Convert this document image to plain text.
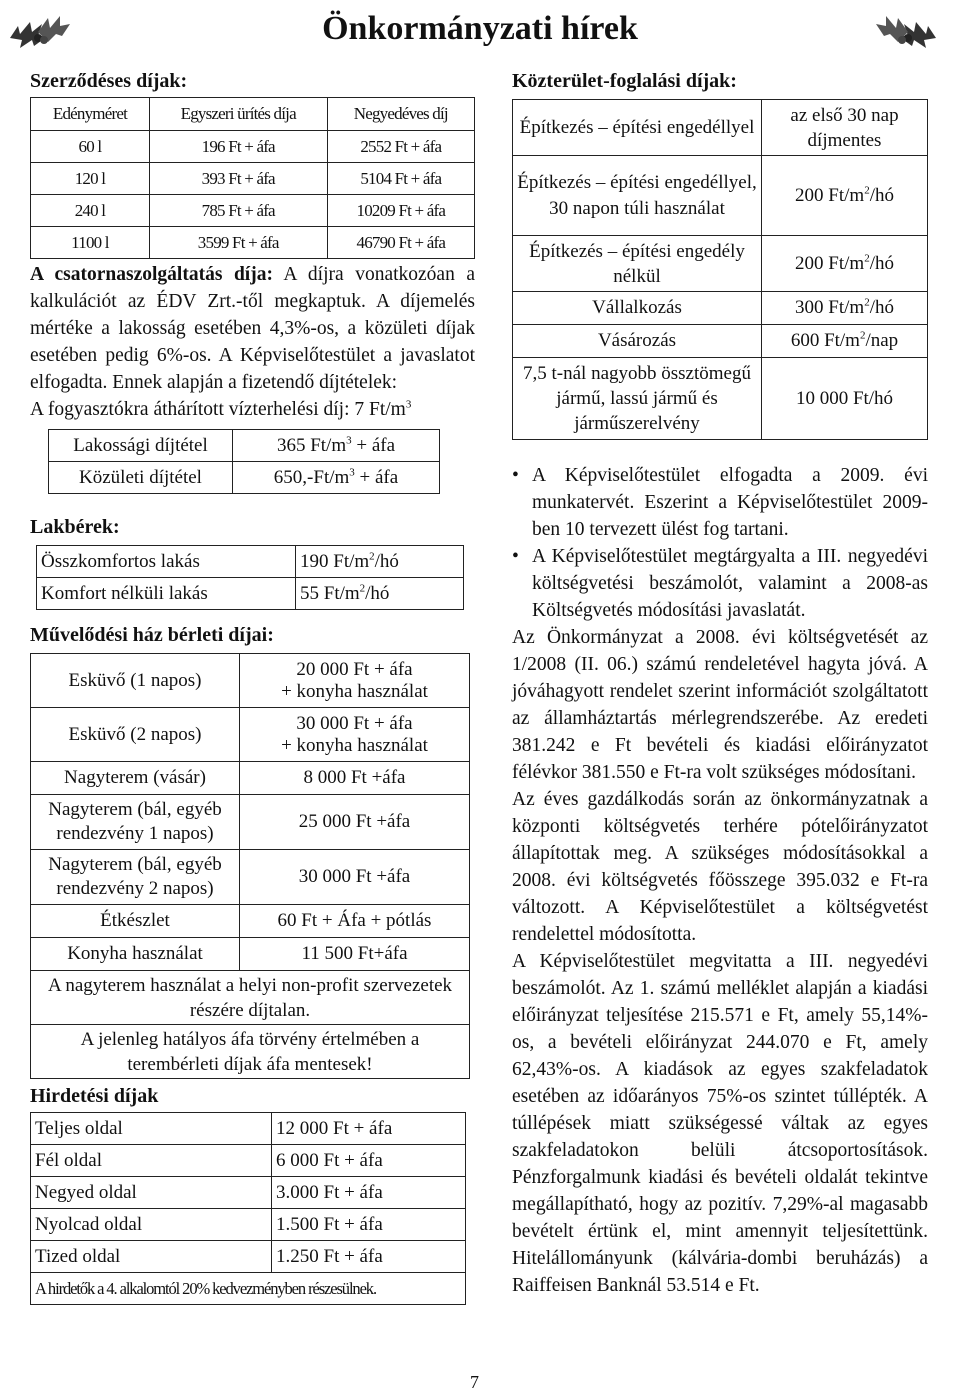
Önkormányzati hírek
Szerződéses díjak:
Edényméret	Egyszeri ürítés díja	Negyedéves díj
60 l	196 Ft + áfa	2552 Ft + áfa
120 l	393 Ft + áfa	5104 Ft + áfa
240 l	785 Ft + áfa	10209 Ft + áfa
1100 l	3599 Ft + áfa	46790 Ft + áfa

A csatornaszolgáltatás díja: A díjra vonatkozóan a kalkulációt az ÉDV Zrt.-től megkaptuk. A díjemelés mértéke a lakosság esetében 4,3%-os, a közületi díjak esetében pedig 6%-os. A Képviselőtestület a javaslatot elfogadta. Ennek alapján a fizetendő díjtételek:

A fogyasztókra áthárított vízterhelési díj: 7 $Ft/m^3$

Lakossági díjtétel	365 $Ft/m^3$ + áfa
Közületi díjtétel	$650,-Ft/m^3$ + áfa
Lakbérek:
Összkomfortos lakás	190 $Ft/m^2/hó$
Komfort nélküli lakás	55 $Ft/m^2/hó$
Művelődési ház bérleti díjai:
Esküvő (1 napos)	20 000 Ft + áfa
+ konyha használat

Esküvő (2 napos)	30 000 Ft + áfa
+ konyha használat

Nagyterem (vásár)	8 000 Ft +áfa
Nagyterem (bál, egyéb rendezvény 1 napos)	25 000 Ft +áfa
Nagyterem (bál, egyéb rendezvény 2 napos)	30 000 Ft +áfa
Étkészlet	60 Ft + Áfa + pótlás
Konyha használat	11 500 Ft+áfa
A nagyterem használat a helyi non-profit szervezetek részére díjtalan.	
A jelenleg hatályos áfa törvény értelmében a terembérleti díjak áfa mentesek!	
Hirdetési díjak
Teljes oldal	12 000 Ft + áfa
Fél oldal	6 000 Ft + áfa
Negyed oldal	3.000 Ft + áfa
Nyolcad oldal	1.500 Ft + áfa
Tized oldal	1.250 Ft + áfa
A hirdetők a 4. alkalomtól 20% kedvezményben részesülnek.	
Közterület-foglalási díjak:
Építkezés – építési engedéllyel	az első 30 nap díjmentes
Építkezés – építési engedéllyel, 30 napon túli használat	200 $Ft/m^2/hó$
Építkezés – építési engedély nélkül	200 $Ft/m^2/hó$
Vállalkozás	300 $Ft/m^2/hó$
Vásározás	600 $Ft/m^2$/nap
7,5 t-nál nagyobb össztömegű jármű, lassú jármű és járműszerelvény	10 000 Ft/hó

• A Képviselőtestület elfogadta a 2009. évi munkatervét. Eszerint a Képviselőtestület 2009-ben 10 tervezett ülést fog tartani.

• A Képviselőtestület megtárgyalta a III. negyedévi költségvetési beszámolót, valamint a 2008-as Költségvetés módosítási javaslatát.

Az Önkormányzat a 2008. évi költségvetését az 1/2008 (II. 06.) számú rendeletével hagyta jóvá. A jóváhagyott rendelet szerint információt szolgáltatott az államháztartás mérlegrendszerébe. Az eredeti 381.242 e Ft bevételi és kiadási előirányzatot félévkor 381.550 e Ft-ra volt szükséges módosítani.

Az éves gazdálkodás során az önkormányzatnak a központi költségvetés terhére pótelőirányzatot állapítottak meg. A szükséges módosításokkal a 2008. évi költségvetés főösszege 395.032 e Ft-ra változott. A Képviselőtestület a költségvetést rendelettel módosította.

A Képviselőtestület megvitatta a III. negyedévi beszámolót. Az 1. számú melléklet alapján a kiadási előirányzat teljesítése 215.571 e Ft, amely 55,14%-os, a bevételi előirányzat 244.070 e Ft, amely 62,43%-os. A kiadások az egyes szakfeladatok esetében az időarányos 75%-os szintet túllépték. A túllépések miatt szükségessé váltak az egyes szakfeladatokon belüli átcsoportosítások. Pénzforgalmunk kiadási és bevételi oldalát tekintve megállapítható, hogy az pozitív. 7,29%-al magasabb bevételt értünk el, mint amennyit teljesítettünk. Hitelállományunk (kálvária-dombi beruházás) a Raiffeisen Banknál 53.514 e Ft.

7
